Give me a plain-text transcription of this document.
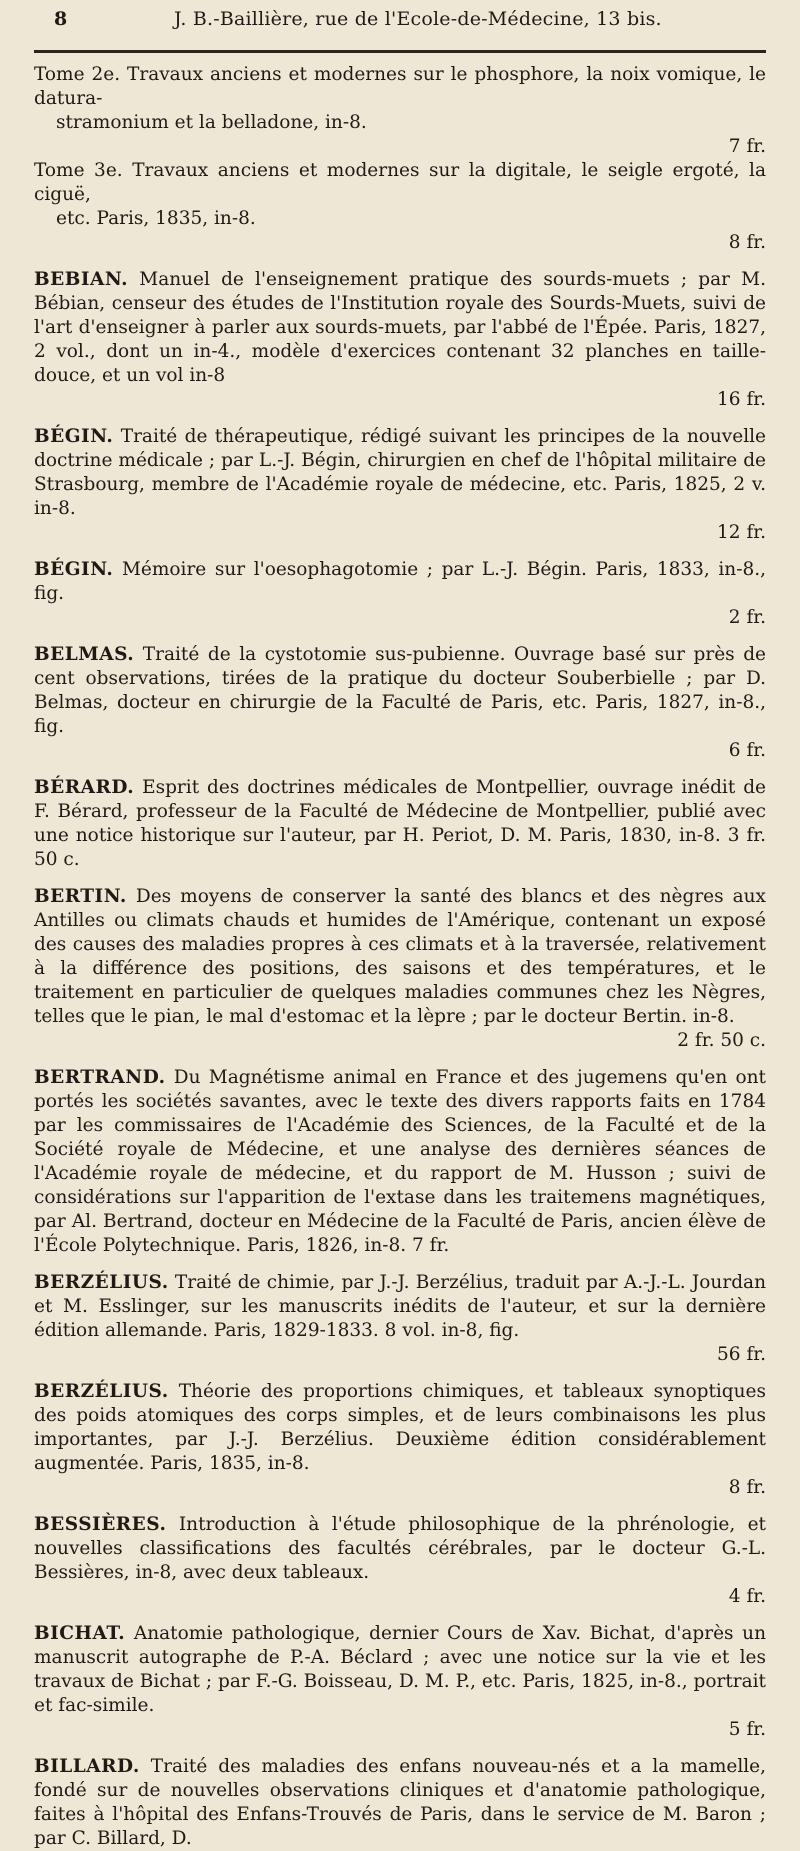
8	J. B.-Baillière, rue de l'Ecole-de-Médecine, 13 bis.

Tome 2e. Travaux anciens et modernes sur le phosphore, la noix vomique, le datura-

stramonium et la belladone, in-8.

7 fr.

Tome 3e. Travaux anciens et modernes sur la digitale, le seigle ergoté, la ciguë,

etc. Paris, 1835, in-8.

8 fr.

BEBIAN. Manuel de l'enseignement pratique des sourds-muets ; par M. Bébian, censeur des études de l'Institution royale des Sourds-Muets, suivi de l'art d'enseigner à parler aux sourds-muets, par l'abbé de l'Épée. Paris, 1827, 2 vol., dont un in-4., modèle d'exercices contenant 32 planches en taille-douce, et un vol in-8

16 fr.

BÉGIN. Traité de thérapeutique, rédigé suivant les principes de la nouvelle doctrine médicale ; par L.-J. Bégin, chirurgien en chef de l'hôpital militaire de Strasbourg, membre de l'Académie royale de médecine, etc. Paris, 1825, 2 v. in-8.

12 fr.

BÉGIN. Mémoire sur l'oesophagotomie ; par L.-J. Bégin. Paris, 1833, in-8., fig.

2 fr.

BELMAS. Traité de la cystotomie sus-pubienne. Ouvrage basé sur près de cent observations, tirées de la pratique du docteur Souberbielle ; par D. Belmas, docteur en chirurgie de la Faculté de Paris, etc. Paris, 1827, in-8., fig.

6 fr.

BÉRARD. Esprit des doctrines médicales de Montpellier, ouvrage inédit de F. Bérard, professeur de la Faculté de Médecine de Montpellier, publié avec une notice historique sur l'auteur, par H. Periot, D. M. Paris, 1830, in-8. 3 fr. 50 c.

BERTIN. Des moyens de conserver la santé des blancs et des nègres aux Antilles ou climats chauds et humides de l'Amérique, contenant un exposé des causes des maladies propres à ces climats et à la traversée, relativement à la différence des positions, des saisons et des températures, et le traitement en particulier de quelques maladies communes chez les Nègres, telles que le pian, le mal d'estomac et la lèpre ; par le docteur Bertin. in-8.

2 fr. 50 c.

BERTRAND. Du Magnétisme animal en France et des jugemens qu'en ont portés les sociétés savantes, avec le texte des divers rapports faits en 1784 par les commissaires de l'Académie des Sciences, de la Faculté et de la Société royale de Médecine, et une analyse des dernières séances de l'Académie royale de médecine, et du rapport de M. Husson ; suivi de considérations sur l'apparition de l'extase dans les traitemens magnétiques, par Al. Bertrand, docteur en Médecine de la Faculté de Paris, ancien élève de l'École Polytechnique. Paris, 1826, in-8. 7 fr.

BERZÉLIUS. Traité de chimie, par J.-J. Berzélius, traduit par A.-J.-L. Jourdan et M. Esslinger, sur les manuscrits inédits de l'auteur, et sur la dernière édition allemande. Paris, 1829-1833. 8 vol. in-8, fig.

56 fr.

BERZÉLIUS. Théorie des proportions chimiques, et tableaux synoptiques des poids atomiques des corps simples, et de leurs combinaisons les plus importantes, par J.-J. Berzélius. Deuxième édition considérablement augmentée. Paris, 1835, in-8.

8 fr.

BESSIÈRES. Introduction à l'étude philosophique de la phrénologie, et nouvelles classifications des facultés cérébrales, par le docteur G.-L. Bessières, in-8, avec deux tableaux.

4 fr.

BICHAT. Anatomie pathologique, dernier Cours de Xav. Bichat, d'après un manuscrit autographe de P.-A. Béclard ; avec une notice sur la vie et les travaux de Bichat ; par F.-G. Boisseau, D. M. P., etc. Paris, 1825, in-8., portrait et fac-simile.

5 fr.

BILLARD. Traité des maladies des enfans nouveau-nés et a la mamelle, fondé sur de nouvelles observations cliniques et d'anatomie pathologique, faites à l'hôpital des Enfans-Trouvés de Paris, dans le service de M. Baron ; par C. Billard, D.
